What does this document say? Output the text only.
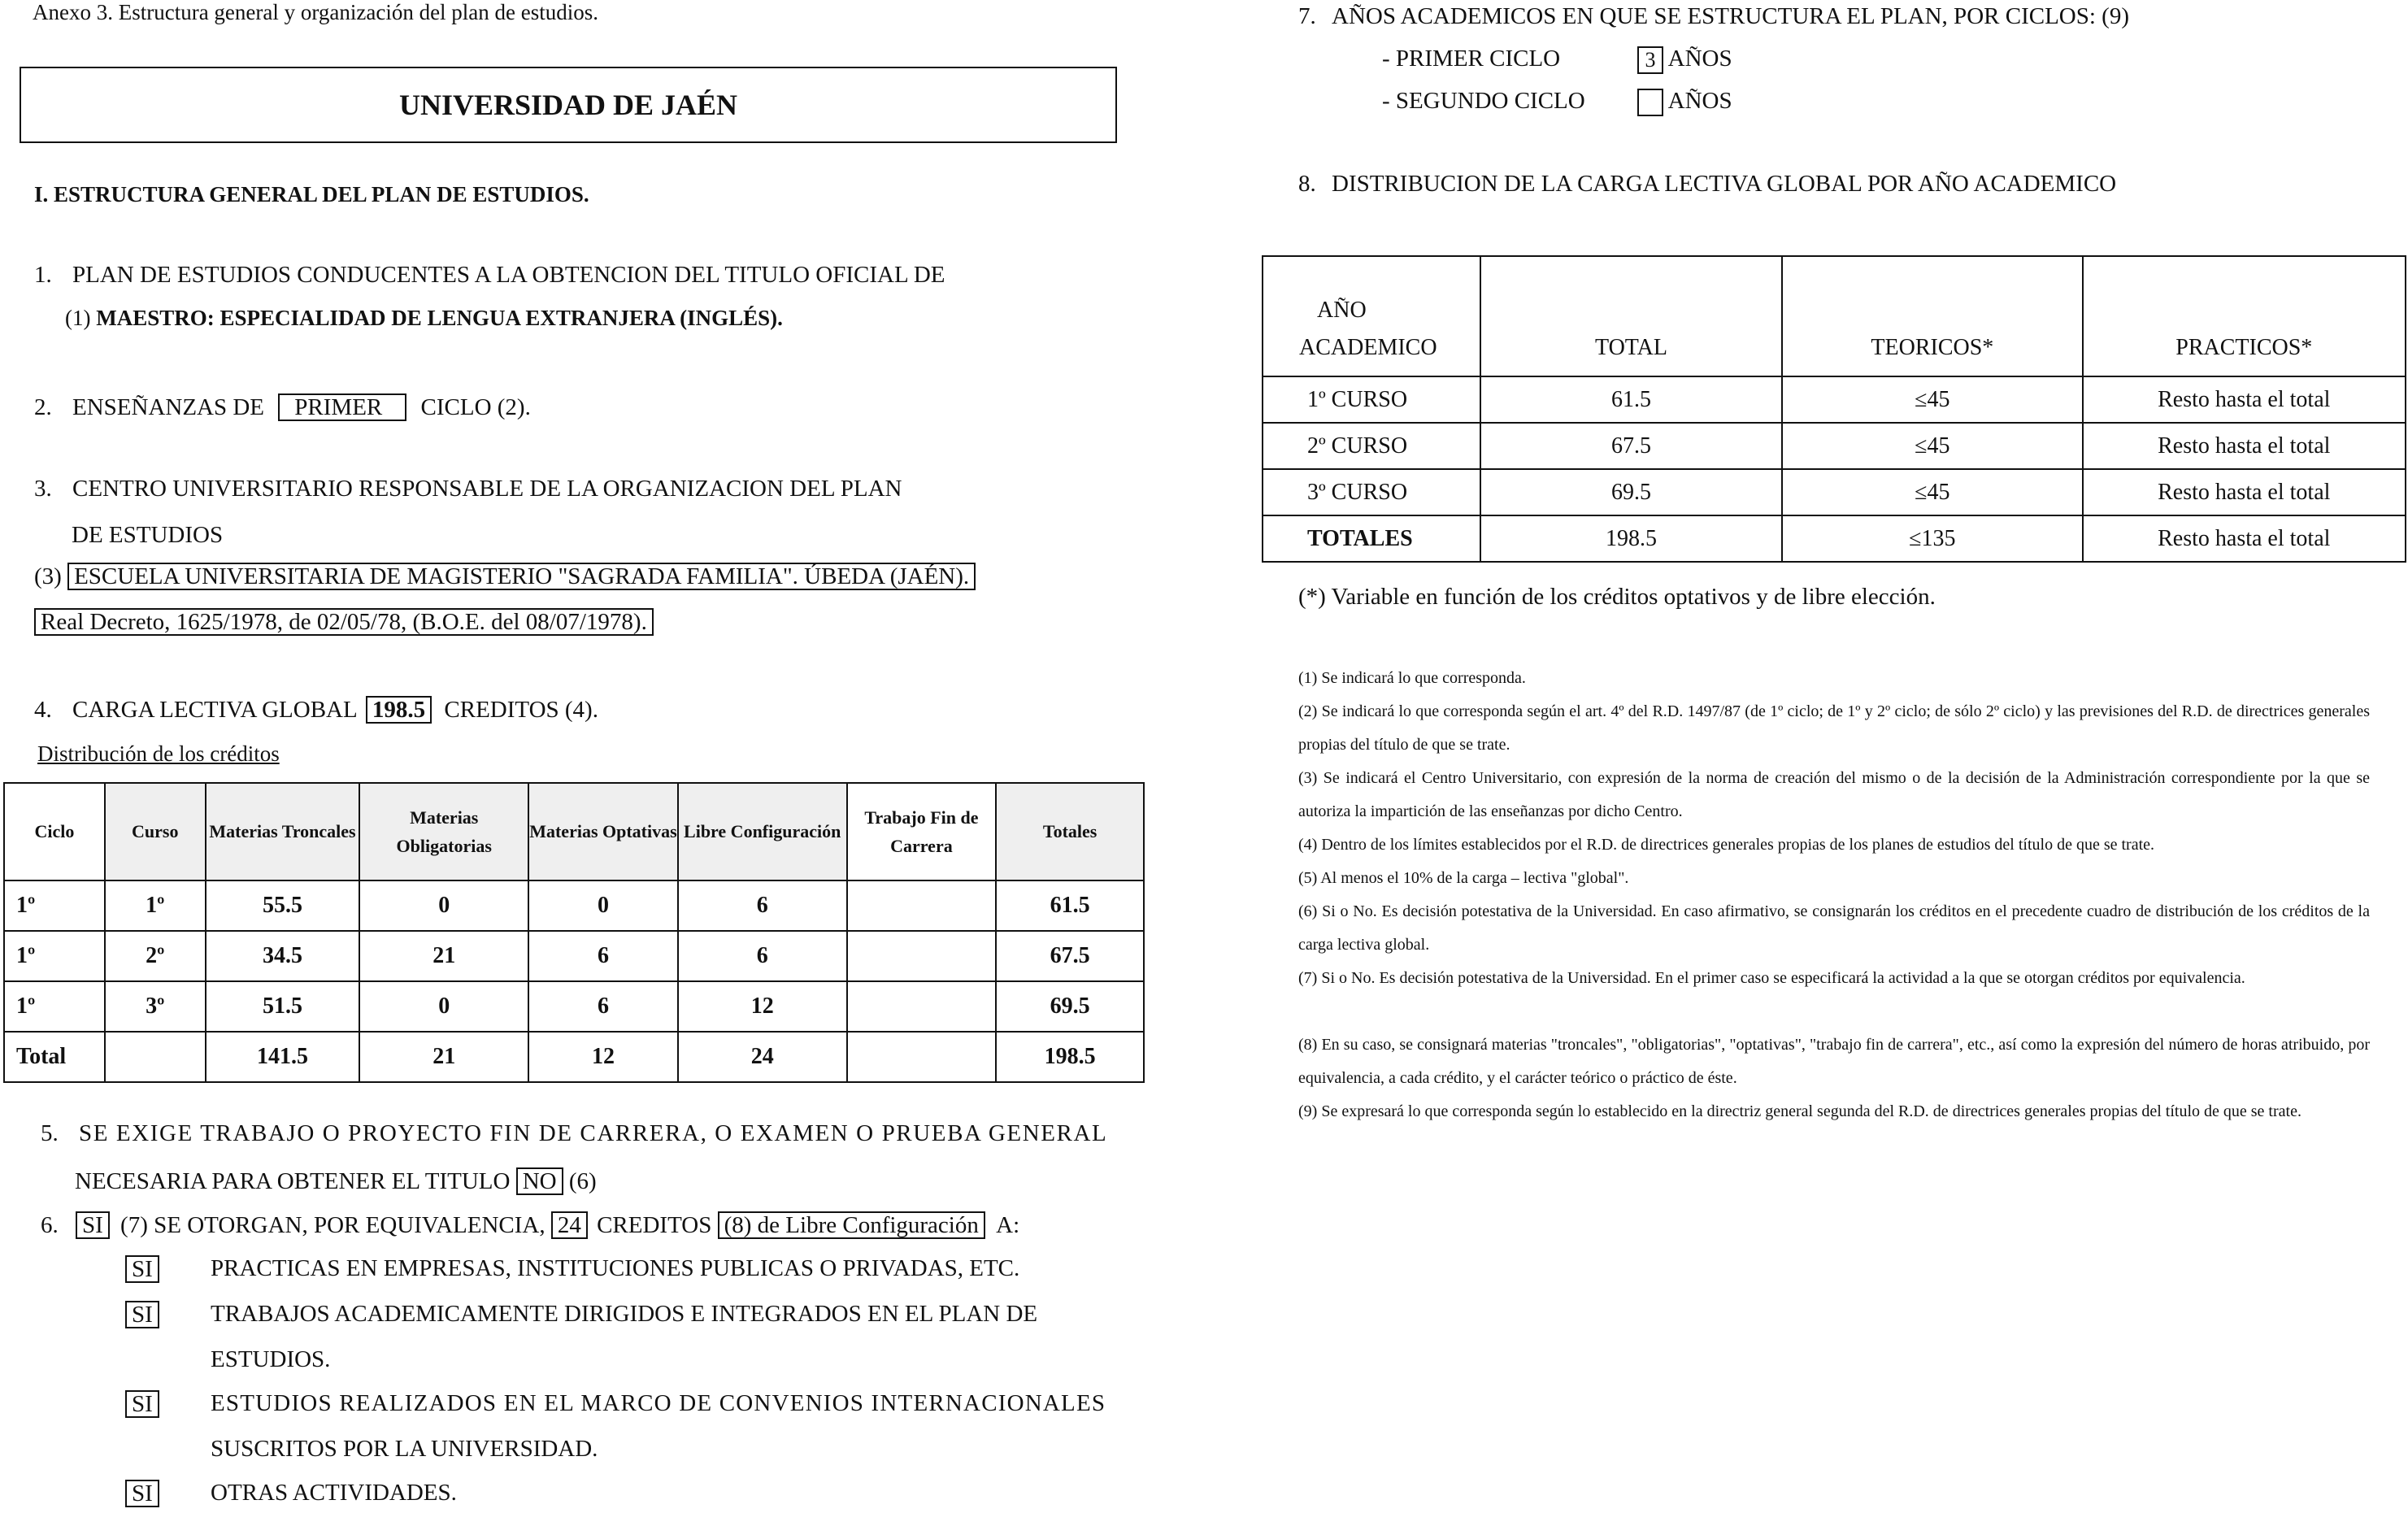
Anexo 3. Estructura general y organización del plan de estudios.
UNIVERSIDAD DE JAÉN
I. ESTRUCTURA GENERAL DEL PLAN DE ESTUDIOS.
1. PLAN DE ESTUDIOS CONDUCENTES A LA OBTENCION DEL TITULO OFICIAL DE
(1) MAESTRO: ESPECIALIDAD DE LENGUA EXTRANJERA (INGLÉS).
2. ENSEÑANZAS DE PRIMER CICLO (2).
3. CENTRO UNIVERSITARIO RESPONSABLE DE LA ORGANIZACION DEL PLAN
DE ESTUDIOS
(3) ESCUELA UNIVERSITARIA DE MAGISTERIO "SAGRADA FAMILIA". ÚBEDA (JAÉN).
Real Decreto, 1625/1978, de 02/05/78, (B.O.E. del 08/07/1978).
4. CARGA LECTIVA GLOBAL 198.5 CREDITOS (4).
Distribución de los créditos
Ciclo	Curso	Materias Troncales	Materias Obligatorias	Materias Optativas	Libre Configuración	Trabajo Fin de Carrera	Totales
1º	1º	55.5	0	0	6		61.5
1º	2º	34.5	21	6	6		67.5
1º	3º	51.5	0	6	12		69.5
Total		141.5	21	12	24		198.5
5. SE EXIGE TRABAJO O PROYECTO FIN DE CARRERA, O EXAMEN O PRUEBA GENERAL
NECESARIA PARA OBTENER EL TITULO NO (6)
6. SI (7) SE OTORGAN, POR EQUIVALENCIA, 24 CREDITOS (8) de Libre Configuración A:
SI PRACTICAS EN EMPRESAS, INSTITUCIONES PUBLICAS O PRIVADAS, ETC.
SI TRABAJOS ACADEMICAMENTE DIRIGIDOS E INTEGRADOS EN EL PLAN DE
ESTUDIOS.
SI ESTUDIOS REALIZADOS EN EL MARCO DE CONVENIOS INTERNACIONALES
SUSCRITOS POR LA UNIVERSIDAD.
SI OTRAS ACTIVIDADES.
7. AÑOS ACADEMICOS EN QUE SE ESTRUCTURA EL PLAN, POR CICLOS: (9)
- PRIMER CICLO	3 AÑOS
- SEGUNDO CICLO	AÑOS
8. DISTRIBUCION DE LA CARGA LECTIVA GLOBAL POR AÑO ACADEMICO
AÑO
ACADEMICO	TOTAL	TEORICOS*	PRACTICOS*
1º CURSO	61.5	≤45	Resto hasta el total
2º CURSO	67.5	≤45	Resto hasta el total
3º CURSO	69.5	≤45	Resto hasta el total
TOTALES	198.5	≤135	Resto hasta el total
(*) Variable en función de los créditos optativos y de libre elección.
(1) Se indicará lo que corresponda.
(2) Se indicará lo que corresponda según el art. 4º del R.D. 1497/87 (de 1º ciclo; de 1º y 2º ciclo; de sólo 2º ciclo) y las previsiones del R.D. de directrices generales propias del título de que se trate.
(3) Se indicará el Centro Universitario, con expresión de la norma de creación del mismo o de la decisión de la Administración correspondiente por la que se autoriza la impartición de las enseñanzas por dicho Centro.
(4) Dentro de los límites establecidos por el R.D. de directrices generales propias de los planes de estudios del título de que se trate.
(5) Al menos el 10% de la carga – lectiva "global".
(6) Si o No. Es decisión potestativa de la Universidad. En caso afirmativo, se consignarán los créditos en el precedente cuadro de distribución de los créditos de la carga lectiva global.
(7) Si o No. Es decisión potestativa de la Universidad. En el primer caso se especificará la actividad a la que se otorgan créditos por equivalencia.
(8) En su caso, se consignará materias "troncales", "obligatorias", "optativas", "trabajo fin de carrera", etc., así como la expresión del número de horas atribuido, por equivalencia, a cada crédito, y el carácter teórico o práctico de éste.
(9) Se expresará lo que corresponda según lo establecido en la directriz general segunda del R.D. de directrices generales propias del título de que se trate.
